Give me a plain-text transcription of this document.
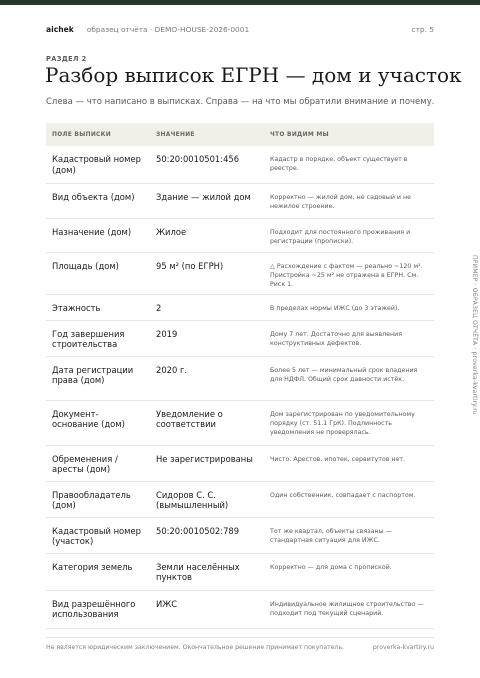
aichek образец отчёта · DEMO-HOUSE-2026-0001	стр. 5
РАЗДЕЛ 2
Разбор выписок ЕГРН — дом и участок
Слева — что написано в выписках. Справа — на что мы обратили внимание и почему.
ПОЛЕ ВЫПИСКИ	ЗНАЧЕНИЕ	ЧТО ВИДИМ МЫ
Кадастровый номер (дом)	50:20:0010501:456	Кадастр в порядке, объект существует в реестре.
Вид объекта (дом)	Здание — жилой дом	Корректно — жилой дом, не садовый и не нежилое строение.
Назначение (дом)	Жилое	Подходит для постоянного проживания и регистрации (прописки).
Площадь (дом)	95 м² (по ЕГРН)	△ Расхождение с фактом — реально ~120 м². Пристройка ~25 м² не отражена в ЕГРН. См. Риск 1.
Этажность	2	В пределах нормы ИЖС (до 3 этажей).
Год завершения строительства	2019	Дому 7 лет. Достаточно для выявления конструктивных дефектов.
Дата регистрации права (дом)	2020 г.	Более 5 лет — минимальный срок владения для НДФЛ. Общий срок давности истёк.
Документ-основание (дом)	Уведомление о соответствии	Дом зарегистрирован по уведомительному порядку (ст. 51.1 ГрК). Подлинность уведомления не проверялась.
Обременения / аресты (дом)	Не зарегистрированы	Чисто. Арестов, ипотек, сервитутов нет.
Правообладатель (дом)	Сидоров С. С. (вымышленный)	Один собственник, совпадает с паспортом.
Кадастровый номер (участок)	50:20:0010502:789	Тот же квартал, объекты связаны — стандартная ситуация для ИЖС.
Категория земель	Земли населённых пунктов	Корректно — для дома с пропиской.
Вид разрешённого использования	ИЖС	Индивидуальное жилищное строительство — подходит под текущий сценарий.
ПРИМЕР · ОБРАЗЕЦ ОТЧЁТА · proverka-kvartiry.ru
Не является юридическим заключением. Окончательное решение принимает покупатель.	proverka-kvartiry.ru
